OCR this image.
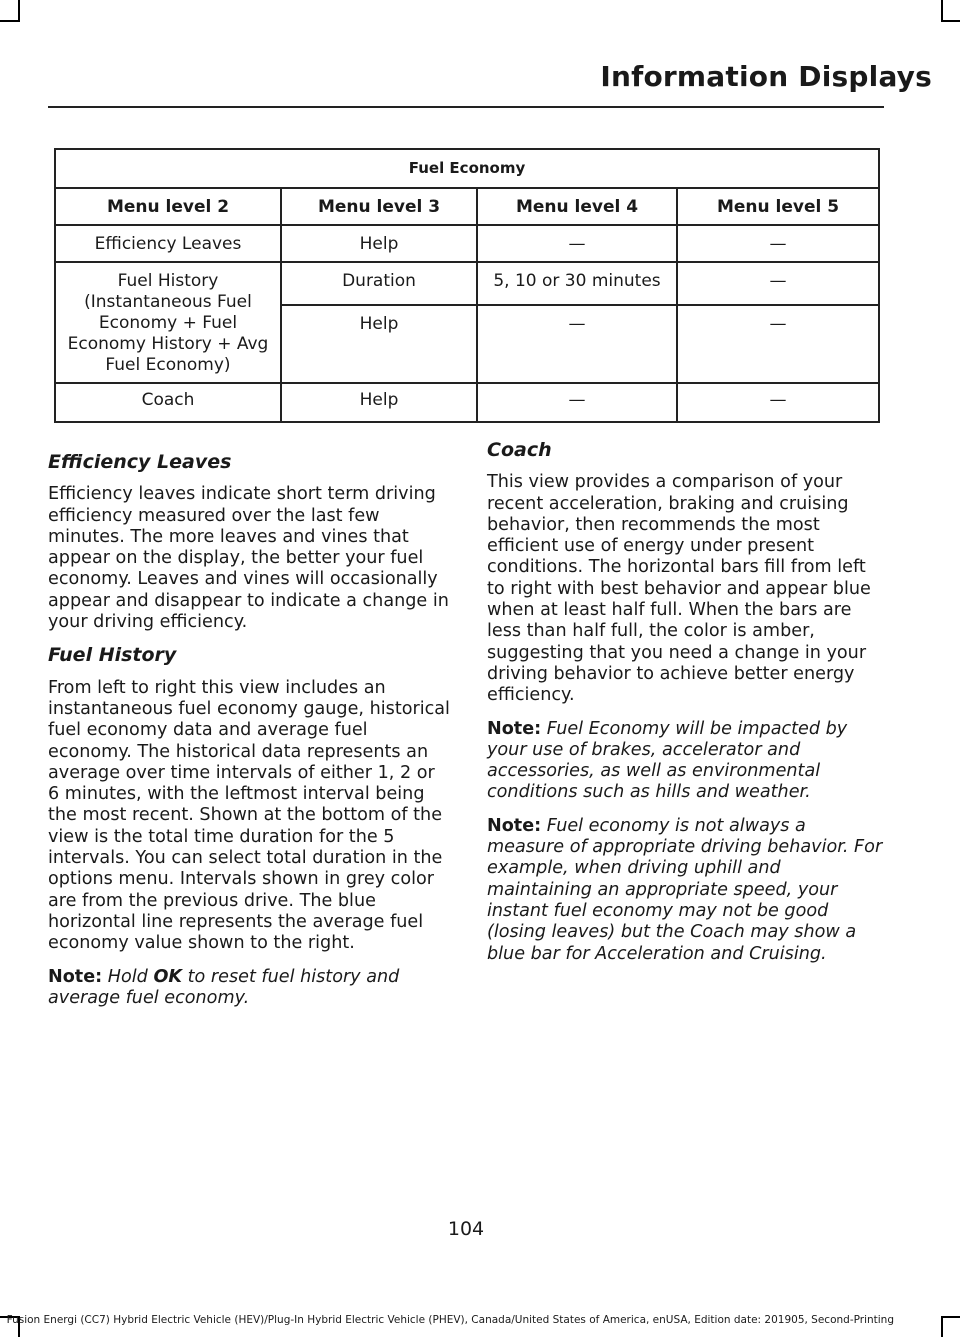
Information Displays
Fuel Economy			
Menu level 2	Menu level 3	Menu level 4	Menu level 5
Efficiency Leaves	Help	—	—
Fuel History (Instantaneous Fuel Economy + Fuel Economy History + Avg Fuel Economy)	Duration	5, 10 or 30 minutes	—
	Help	—	—
Coach	Help	—	—
Efficiency Leaves

Efficiency leaves indicate short term driving efficiency measured over the last few minutes. The more leaves and vines that appear on the display, the better your fuel economy. Leaves and vines will occasionally appear and disappear to indicate a change in your driving efficiency.

Fuel History

From left to right this view includes an instantaneous fuel economy gauge, historical fuel economy data and average fuel economy. The historical data represents an average over time intervals of either 1, 2 or 6 minutes, with the leftmost interval being the most recent. Shown at the bottom of the view is the total time duration for the 5 intervals. You can select total duration in the options menu. Intervals shown in grey color are from the previous drive. The blue horizontal line represents the average fuel economy value shown to the right.

Note: Hold OK to reset fuel history and average fuel economy.

Coach

This view provides a comparison of your recent acceleration, braking and cruising behavior, then recommends the most efficient use of energy under present conditions. The horizontal bars fill from left to right with best behavior and appear blue when at least half full. When the bars are less than half full, the color is amber, suggesting that you need a change in your driving behavior to achieve better energy efficiency.

Note: Fuel Economy will be impacted by your use of brakes, accelerator and accessories, as well as environmental conditions such as hills and weather.

Note: Fuel economy is not always a measure of appropriate driving behavior. For example, when driving uphill and maintaining an appropriate speed, your instant fuel economy may not be good (losing leaves) but the Coach may show a blue bar for Acceleration and Cruising.

104
Fusion Energi (CC7) Hybrid Electric Vehicle (HEV)/Plug-In Hybrid Electric Vehicle (PHEV), Canada/United States of America, enUSA, Edition date: 201905, Second-Printing
